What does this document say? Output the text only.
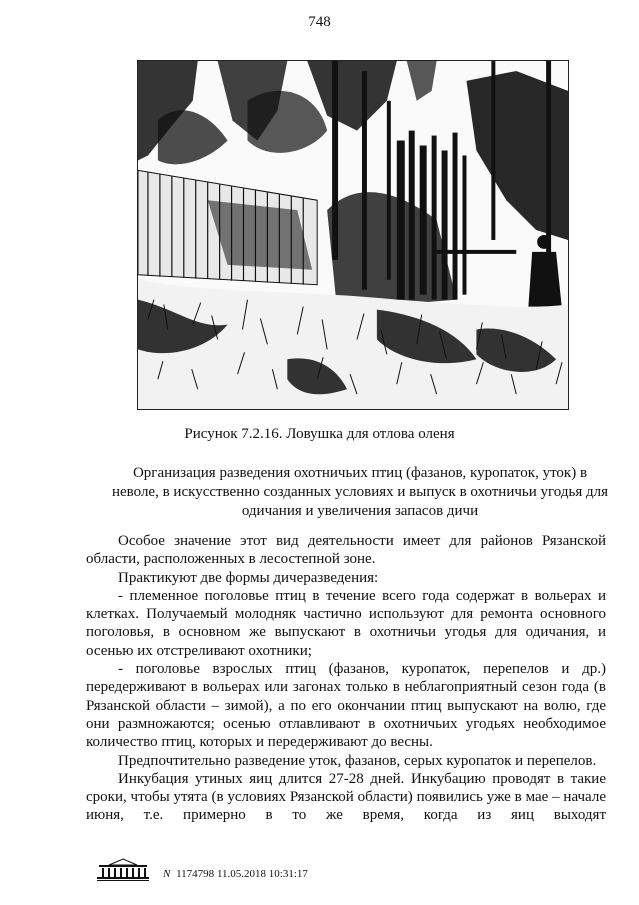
748
Рисунок 7.2.16. Ловушка для отлова оленя
Организация разведения охотничьих птиц (фазанов, куропаток, уток) в неволе, в искусственно созданных условиях и выпуск в охотничьи угодья для одичания и увеличения запасов дичи

Особое значение этот вид деятельности имеет для районов Рязанской области, расположенных в лесостепной зоне.

Практикуют две формы дичеразведения:

- племенное поголовье птиц в течение всего года содержат в вольерах и клетках. Получаемый молодняк частично используют для ремонта основного поголовья, в основном же выпускают в охотничьи угодья для одичания, и осенью их отстреливают охотники;

- поголовье взрослых птиц (фазанов, куропаток, перепелов и др.) передерживают в вольерах или загонах только в неблагоприятный сезон года (в Рязанской области – зимой), а по его окончании птиц выпускают на волю, где они размножаются; осенью отлавливают в охотничьих угодьях необходимое количество птиц, которых и передерживают до весны.

Предпочтительно разведение уток, фазанов, серых куропаток и перепелов.

Инкубация утиных яиц длится 27-28 дней. Инкубацию проводят в такие сроки, чтобы утята (в условиях Рязанской области) появились уже в мае – начале июня, т.е. примерно в то же время, когда из яиц выходят

N 1174798 11.05.2018 10:31:17
